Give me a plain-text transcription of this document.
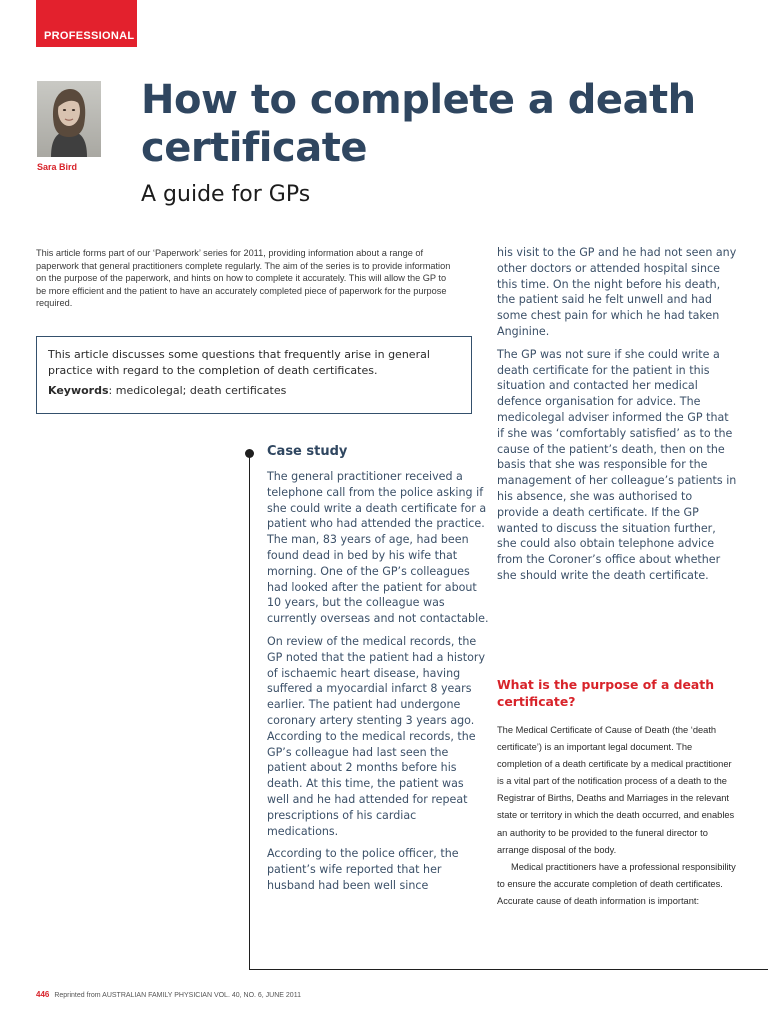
PROFESSIONAL
Sara Bird
How to complete a death certificate
A guide for GPs

This article forms part of our ‘Paperwork’ series for 2011, providing information about a range of paperwork that general practitioners complete regularly. The aim of the series is to provide information on the purpose of the paperwork, and hints on how to complete it accurately. This will allow the GP to be more efficient and the patient to have an accurately completed piece of paperwork for the purpose required.

This article discusses some questions that frequently arise in general practice with regard to the completion of death certificates.

Keywords: medicolegal; death certificates

Case study

The general practitioner received a telephone call from the police asking if she could write a death certificate for a patient who had attended the practice. The man, 83 years of age, had been found dead in bed by his wife that morning. One of the GP’s colleagues had looked after the patient for about 10 years, but the colleague was currently overseas and not contactable.

On review of the medical records, the GP noted that the patient had a history of ischaemic heart disease, having suffered a myocardial infarct 8 years earlier. The patient had undergone coronary artery stenting 3 years ago. According to the medical records, the GP’s colleague had last seen the patient about 2 months before his death. At this time, the patient was well and he had attended for repeat prescriptions of his cardiac medications.

According to the police officer, the patient’s wife reported that her husband had been well since

his visit to the GP and he had not seen any other doctors or attended hospital since this time. On the night before his death, the patient said he felt unwell and had some chest pain for which he had taken Anginine.

The GP was not sure if she could write a death certificate for the patient in this situation and contacted her medical defence organisation for advice. The medicolegal adviser informed the GP that if she was ‘comfortably satisfied’ as to the cause of the patient’s death, then on the basis that she was responsible for the management of her colleague’s patients in his absence, she was authorised to provide a death certificate. If the GP wanted to discuss the situation further, she could also obtain telephone advice from the Coroner’s office about whether she should write the death certificate.

What is the purpose of a death certificate?

The Medical Certificate of Cause of Death (the ‘death certificate’) is an important legal document. The completion of a death certificate by a medical practitioner is a vital part of the notification process of a death to the Registrar of Births, Deaths and Marriages in the relevant state or territory in which the death occurred, and enables an authority to be provided to the funeral director to arrange disposal of the body.

Medical practitioners have a professional responsibility to ensure the accurate completion of death certificates. Accurate cause of death information is important:

446 Reprinted from AUSTRALIAN FAMILY PHYSICIAN VOL. 40, NO. 6, JUNE 2011
